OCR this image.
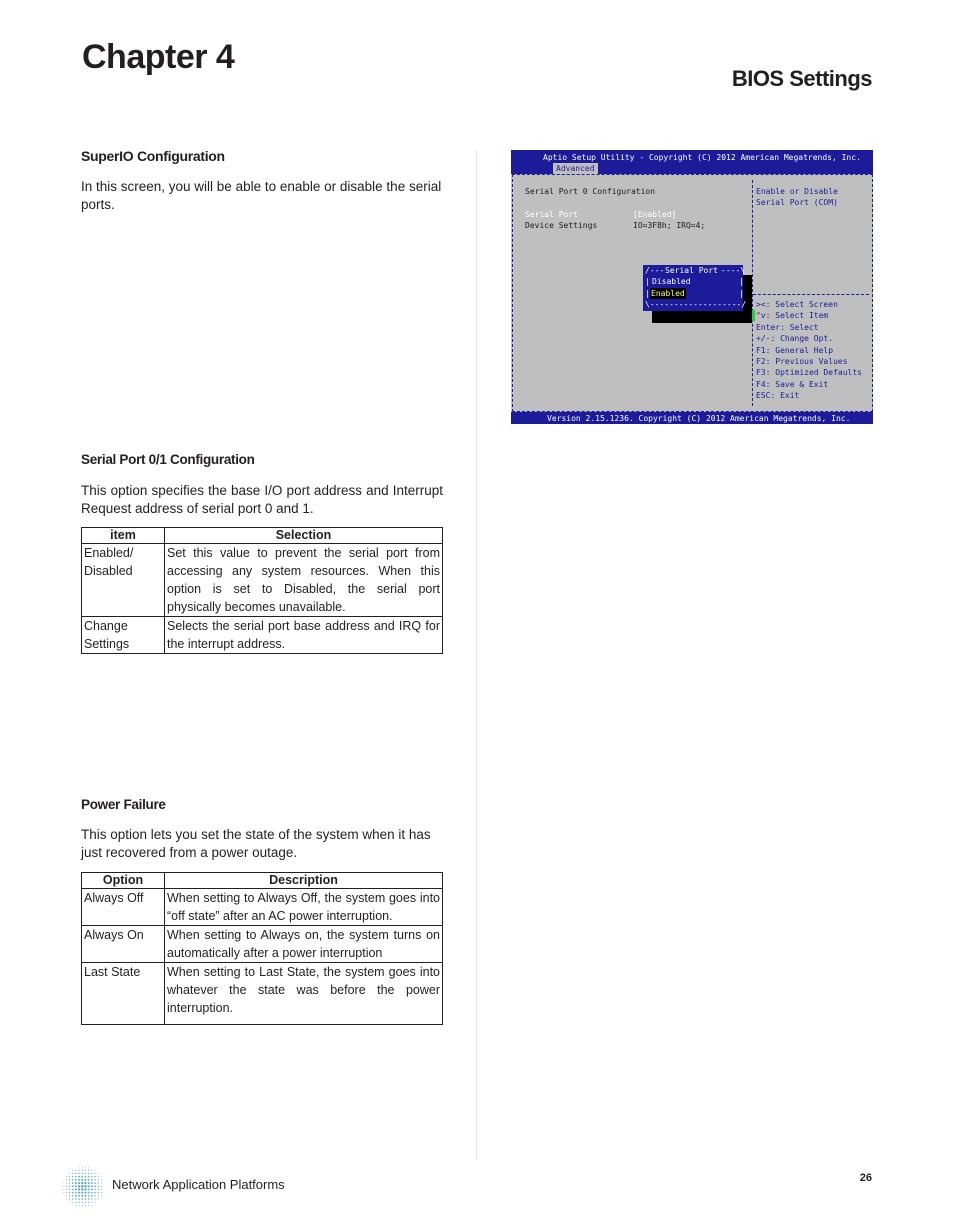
Chapter 4
BIOS Settings
SuperIO Configuration
In this screen, you will be able to enable or disable the serial ports.
Serial Port 0/1 Configuration
This option specifies the base I/O port address and Interrupt Request address of serial port 0 and 1.
item	Selection
Enabled/ Disabled	Set this value to prevent the serial port from accessing any system resources. When this option is set to Disabled, the serial port physically becomes unavailable.
Change Settings	Selects the serial port base address and IRQ for the interrupt address.
Power Failure
This option lets you set the state of the system when it has just recovered from a power outage.
Option	Description
Always Off	When setting to Always Off, the system goes into “off state” after an AC power interruption.
Always On	When setting to Always on, the system turns on automatically after a power interruption
Last State	When setting to Last State, the system goes into whatever the state was before the power interruption.
Aptio Setup Utility - Copyright (C) 2012 American Megatrends, Inc.
Advanced
Serial Port 0 Configuration
Serial Port	[Enabled]
Device Settings	IO=3F8h; IRQ=4;
Enable or Disable
Serial Port (COM)
/--- Serial Port ----\
| Disabled	|
| Enabled	|
\-------------------/ ><: Select Screen
^v: Select Item
Enter: Select
+/-: Change Opt.
F1: General Help
F2: Previous Values
F3: Optimized Defaults
F4: Save & Exit
ESC: Exit
Version 2.15.1236. Copyright (C) 2012 American Megatrends, Inc.
Network Application Platforms	26
